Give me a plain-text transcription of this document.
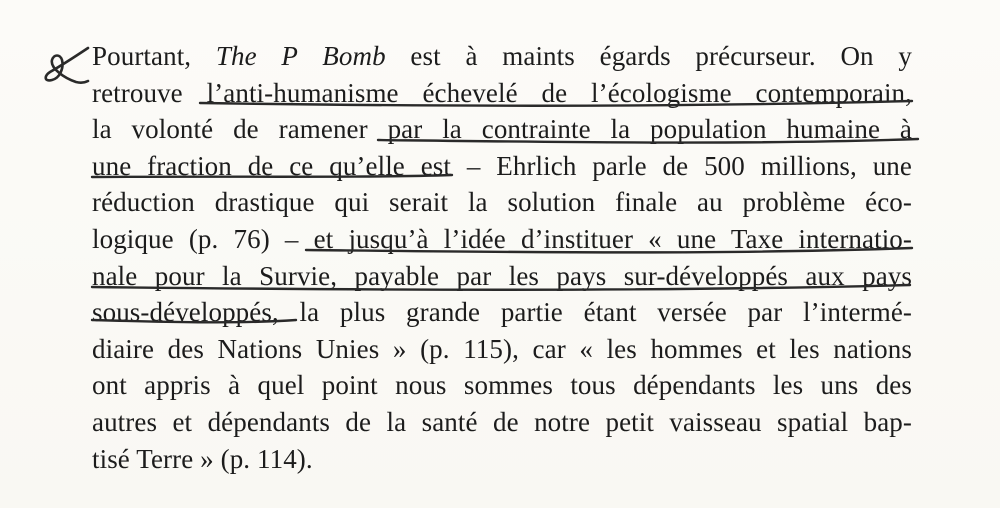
Pourtant, The P Bomb est à maints égards précurseur. On y
retrouve l’anti-humanisme échevelé de l’écologisme contemporain,
la volonté de ramener par la contrainte la population humaine à
une fraction de ce qu’elle est – Ehrlich parle de 500 millions, une
réduction drastique qui serait la solution finale au problème éco-
logique (p. 76) – et jusqu’à l’idée d’instituer « une Taxe internatio-
nale pour la Survie, payable par les pays sur-développés aux pays
sous-développés, la plus grande partie étant versée par l’intermé-
diaire des Nations Unies » (p. 115), car « les hommes et les nations
ont appris à quel point nous sommes tous dépendants les uns des
autres et dépendants de la santé de notre petit vaisseau spatial bap-
tisé Terre » (p. 114).
